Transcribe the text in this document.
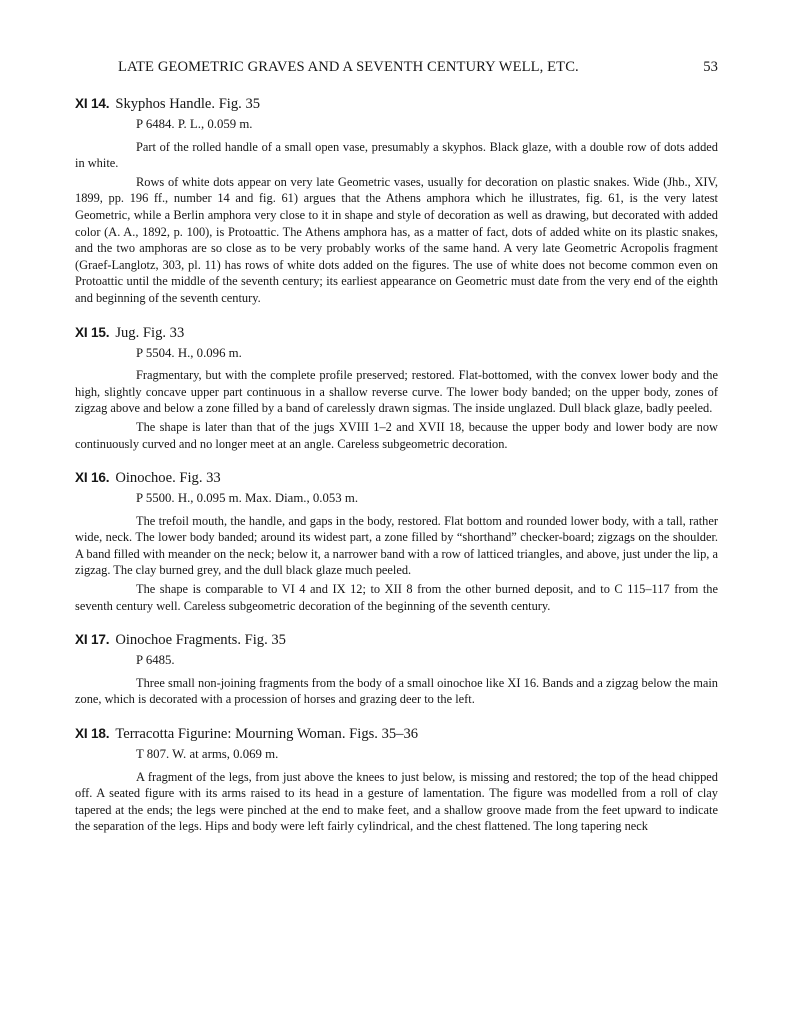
LATE GEOMETRIC GRAVES AND A SEVENTH CENTURY WELL, ETC.	53
XI 14. Skyphos Handle. Fig. 35
P 6484. P. L., 0.059 m.

Part of the rolled handle of a small open vase, presumably a skyphos. Black glaze, with a double row of dots added in white.

Rows of white dots appear on very late Geometric vases, usually for decoration on plastic snakes. Wide (Jhb., XIV, 1899, pp. 196 ff., number 14 and fig. 61) argues that the Athens amphora which he illustrates, fig. 61, is the very latest Geometric, while a Berlin amphora very close to it in shape and style of decoration as well as drawing, but decorated with added color (A. A., 1892, p. 100), is Protoattic. The Athens amphora has, as a matter of fact, dots of added white on its plastic snakes, and the two amphoras are so close as to be very probably works of the same hand. A very late Geometric Acropolis fragment (Graef-Langlotz, 303, pl. 11) has rows of white dots added on the figures. The use of white does not become common even on Protoattic until the middle of the seventh century; its earliest appearance on Geometric must date from the very end of the eighth and beginning of the seventh century.

XI 15. Jug. Fig. 33
P 5504. H., 0.096 m.

Fragmentary, but with the complete profile preserved; restored. Flat-bottomed, with the convex lower body and the high, slightly concave upper part continuous in a shallow reverse curve. The lower body banded; on the upper body, zones of zigzag above and below a zone filled by a band of carelessly drawn sigmas. The inside unglazed. Dull black glaze, badly peeled.

The shape is later than that of the jugs XVIII 1–2 and XVII 18, because the upper body and lower body are now continuously curved and no longer meet at an angle. Careless subgeometric decoration.

XI 16. Oinochoe. Fig. 33
P 5500. H., 0.095 m. Max. Diam., 0.053 m.

The trefoil mouth, the handle, and gaps in the body, restored. Flat bottom and rounded lower body, with a tall, rather wide, neck. The lower body banded; around its widest part, a zone filled by “shorthand” checker-board; zigzags on the shoulder. A band filled with meander on the neck; below it, a narrower band with a row of latticed triangles, and above, just under the lip, a zigzag. The clay burned grey, and the dull black glaze much peeled.

The shape is comparable to VI 4 and IX 12; to XII 8 from the other burned deposit, and to C 115–117 from the seventh century well. Careless subgeometric decoration of the beginning of the seventh century.

XI 17. Oinochoe Fragments. Fig. 35
P 6485.

Three small non-joining fragments from the body of a small oinochoe like XI 16. Bands and a zigzag below the main zone, which is decorated with a procession of horses and grazing deer to the left.

XI 18. Terracotta Figurine: Mourning Woman. Figs. 35–36
T 807. W. at arms, 0.069 m.

A fragment of the legs, from just above the knees to just below, is missing and restored; the top of the head chipped off. A seated figure with its arms raised to its head in a gesture of lamentation. The figure was modelled from a roll of clay tapered at the ends; the legs were pinched at the end to make feet, and a shallow groove made from the feet upward to indicate the separation of the legs. Hips and body were left fairly cylindrical, and the chest flattened. The long tapering neck
